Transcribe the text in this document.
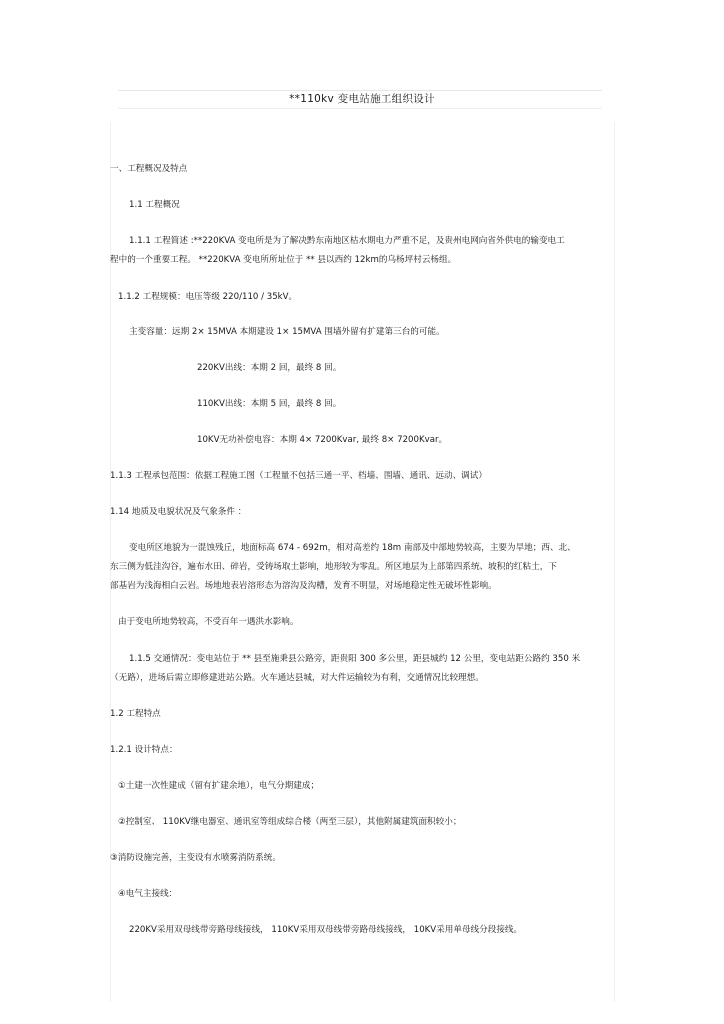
**110kv 变电站施工组织设计
一、工程概况及特点
1.1 工程概况
1.1.1 工程简述 :**220KVA 变电所是为了解决黔东南地区枯水期电力严重不足，及贵州电网向省外供电的输变电工
程中的一个重要工程。 **220KVA 变电所所址位于 ** 县以西约 12km的乌杨坪村云杨组。
1.1.2 工程规模：电压等级 220/110 / 35kV。
主变容量：远期 2× 15MVA 本期建设 1× 15MVA 围墙外留有扩建第三台的可能。
220KV出线：本期 2 回，最终 8 回。
110KV出线：本期 5 回，最终 8 回。
10KV无功补偿电容：本期 4× 7200Kvar, 最终 8× 7200Kvar。
1.1.3 工程承包范围：依据工程施工图（工程量不包括三通一平、档墙、围墙、通讯、远动、调试）
1.14 地质及电貌状况及气象条件 ：
变电所区地貌为一混蚀残丘，地面标高 674 - 692m，相对高差约 18m 南部及中部地势较高，主要为旱地；西、北、
东三侧为低洼沟谷，遍布水田、碎岩，受铸场取土影响，地形较为零乱。所区地层为上部第四系统、坡积的红粘土，下
部基岩为浅海相白云岩。场地地表岩溶形态为溶沟及沟槽，发育不明显，对场地稳定性无破坏性影响。
由于变电所地势较高，不受百年一遇洪水影响。
1.1.5 交通情况：变电站位于 ** 县至施秉县公路旁，距贵阳 300 多公里，距县城约 12 公里，变电站距公路约 350 米
（无路），进场后需立即修建进站公路。火车通达县城，对大件运输较为有利，交通情况比较理想。
1.2 工程特点
1.2.1 设计特点：
①土建一次性建成（留有扩建余地），电气分期建成；
②控制室、 110KV继电器室、通讯室等组成综合楼（两至三层），其他附属建筑面积较小；
③消防设施完善，主变设有水喷雾消防系统。
④电气主接线：
220KV采用双母线带旁路母线接线， 110KV采用双母线带旁路母线接线， 10KV采用单母线分段接线。
